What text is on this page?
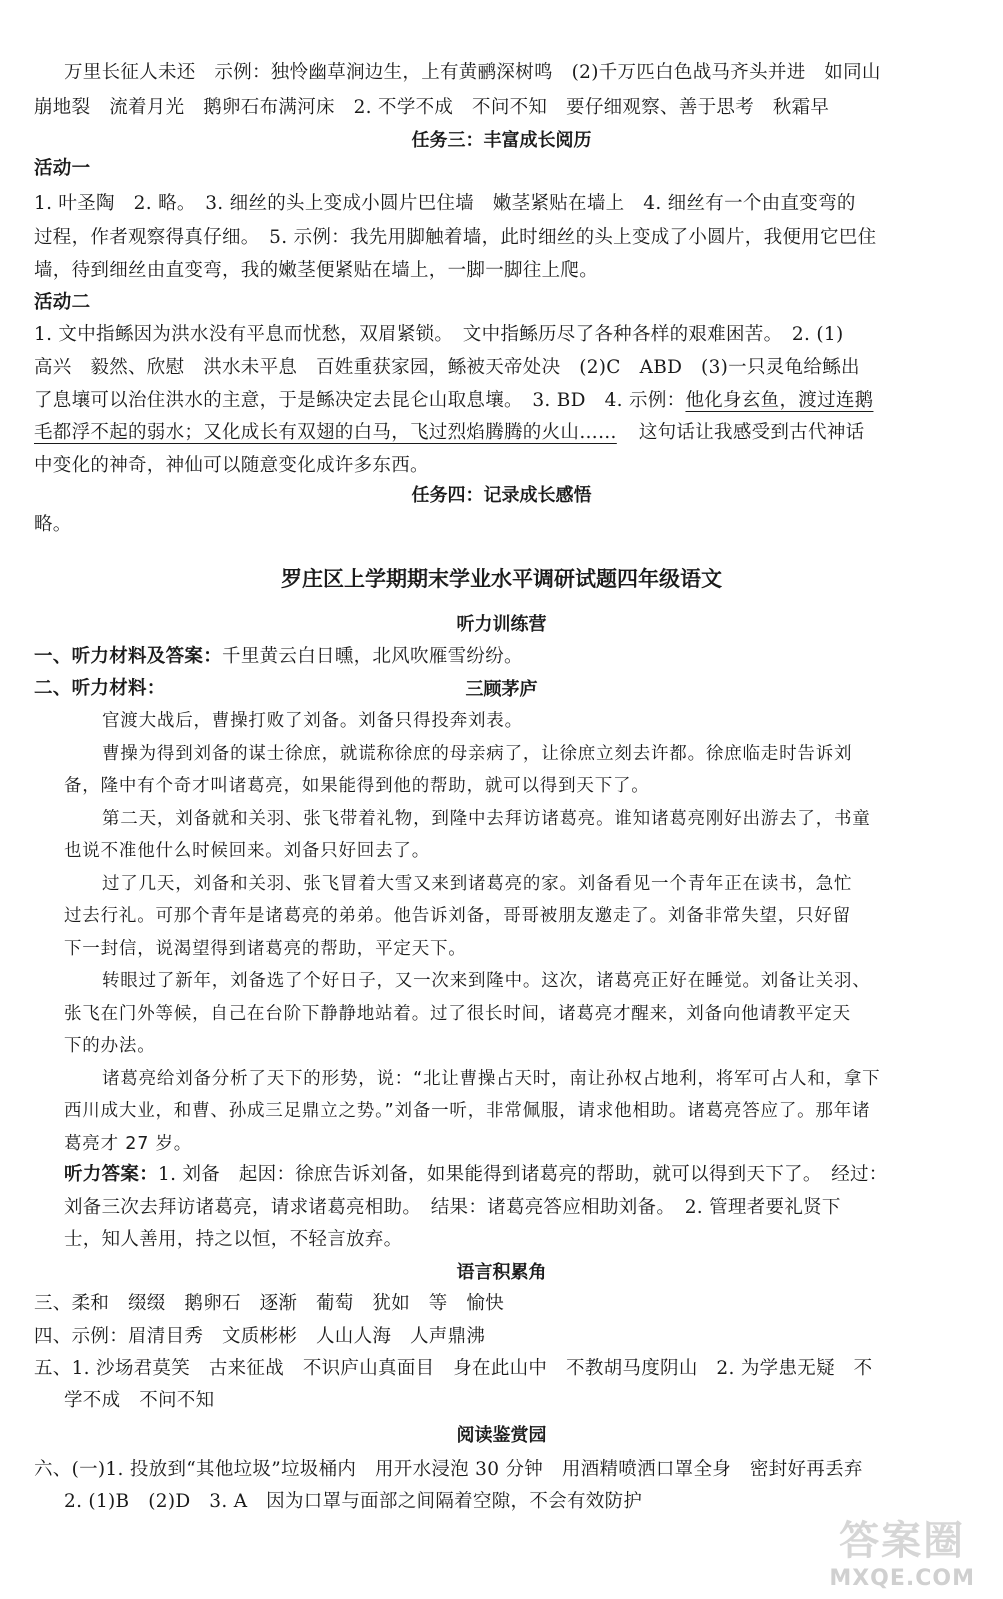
万里长征人未还　示例：独怜幽草涧边生，上有黄鹂深树鸣　(2)千万匹白色战马齐头并进　如同山
崩地裂　流着月光　鹅卵石布满河床　2. 不学不成　不问不知　要仔细观察、善于思考　秋霜早
任务三：丰富成长阅历
活动一
1. 叶圣陶　2. 略。　3. 细丝的头上变成小圆片巴住墙　嫩茎紧贴在墙上　4. 细丝有一个由直变弯的
过程，作者观察得真仔细。　5. 示例：我先用脚触着墙，此时细丝的头上变成了小圆片，我便用它巴住
墙，待到细丝由直变弯，我的嫩茎便紧贴在墙上，一脚一脚往上爬。
活动二
1. 文中指鲧因为洪水没有平息而忧愁，双眉紧锁。　文中指鲧历尽了各种各样的艰难困苦。　2. (1)
高兴　毅然、欣慰　洪水未平息　百姓重获家园，鲧被天帝处决　(2)C　ABD　(3)一只灵龟给鲧出
了息壤可以治住洪水的主意，于是鲧决定去昆仑山取息壤。　3. BD　4. 示例：他化身玄鱼，渡过连鹅
毛都浮不起的弱水；又化成长有双翅的白马，飞过烈焰腾腾的火山…… 这句话让我感受到古代神话
中变化的神奇，神仙可以随意变化成许多东西。
任务四：记录成长感悟
略。
罗庄区上学期期末学业水平调研试题四年级语文
听力训练营
一、听力材料及答案：千里黄云白日曛，北风吹雁雪纷纷。
二、听力材料：	三顾茅庐
官渡大战后，曹操打败了刘备。刘备只得投奔刘表。
曹操为得到刘备的谋士徐庶，就谎称徐庶的母亲病了，让徐庶立刻去许都。徐庶临走时告诉刘
备，隆中有个奇才叫诸葛亮，如果能得到他的帮助，就可以得到天下了。
第二天，刘备就和关羽、张飞带着礼物，到隆中去拜访诸葛亮。谁知诸葛亮刚好出游去了，书童
也说不准他什么时候回来。刘备只好回去了。
过了几天，刘备和关羽、张飞冒着大雪又来到诸葛亮的家。刘备看见一个青年正在读书，急忙
过去行礼。可那个青年是诸葛亮的弟弟。他告诉刘备，哥哥被朋友邀走了。刘备非常失望，只好留
下一封信，说渴望得到诸葛亮的帮助，平定天下。
转眼过了新年，刘备选了个好日子，又一次来到隆中。这次，诸葛亮正好在睡觉。刘备让关羽、
张飞在门外等候，自己在台阶下静静地站着。过了很长时间，诸葛亮才醒来，刘备向他请教平定天
下的办法。
诸葛亮给刘备分析了天下的形势，说：“北让曹操占天时，南让孙权占地利，将军可占人和，拿下
西川成大业，和曹、孙成三足鼎立之势。”刘备一听，非常佩服，请求他相助。诸葛亮答应了。那年诸
葛亮才 27 岁。
听力答案：1. 刘备　起因：徐庶告诉刘备，如果能得到诸葛亮的帮助，就可以得到天下了。　经过：
刘备三次去拜访诸葛亮，请求诸葛亮相助。　结果：诸葛亮答应相助刘备。　2. 管理者要礼贤下
士，知人善用，持之以恒，不轻言放弃。
语言积累角
三、柔和　缀缀　鹅卵石　逐渐　葡萄　犹如　等　愉快
四、示例：眉清目秀　文质彬彬　人山人海　人声鼎沸
五、1. 沙场君莫笑　古来征战　不识庐山真面目　身在此山中　不教胡马度阴山　2. 为学患无疑　不
学不成　不问不知
阅读鉴赏园
六、(一)1. 投放到“其他垃圾”垃圾桶内　用开水浸泡 30 分钟　用酒精喷洒口罩全身　密封好再丢弃
2. (1)B　(2)D　3. A　因为口罩与面部之间隔着空隙，不会有效防护
答案圈
MXQE.COM
